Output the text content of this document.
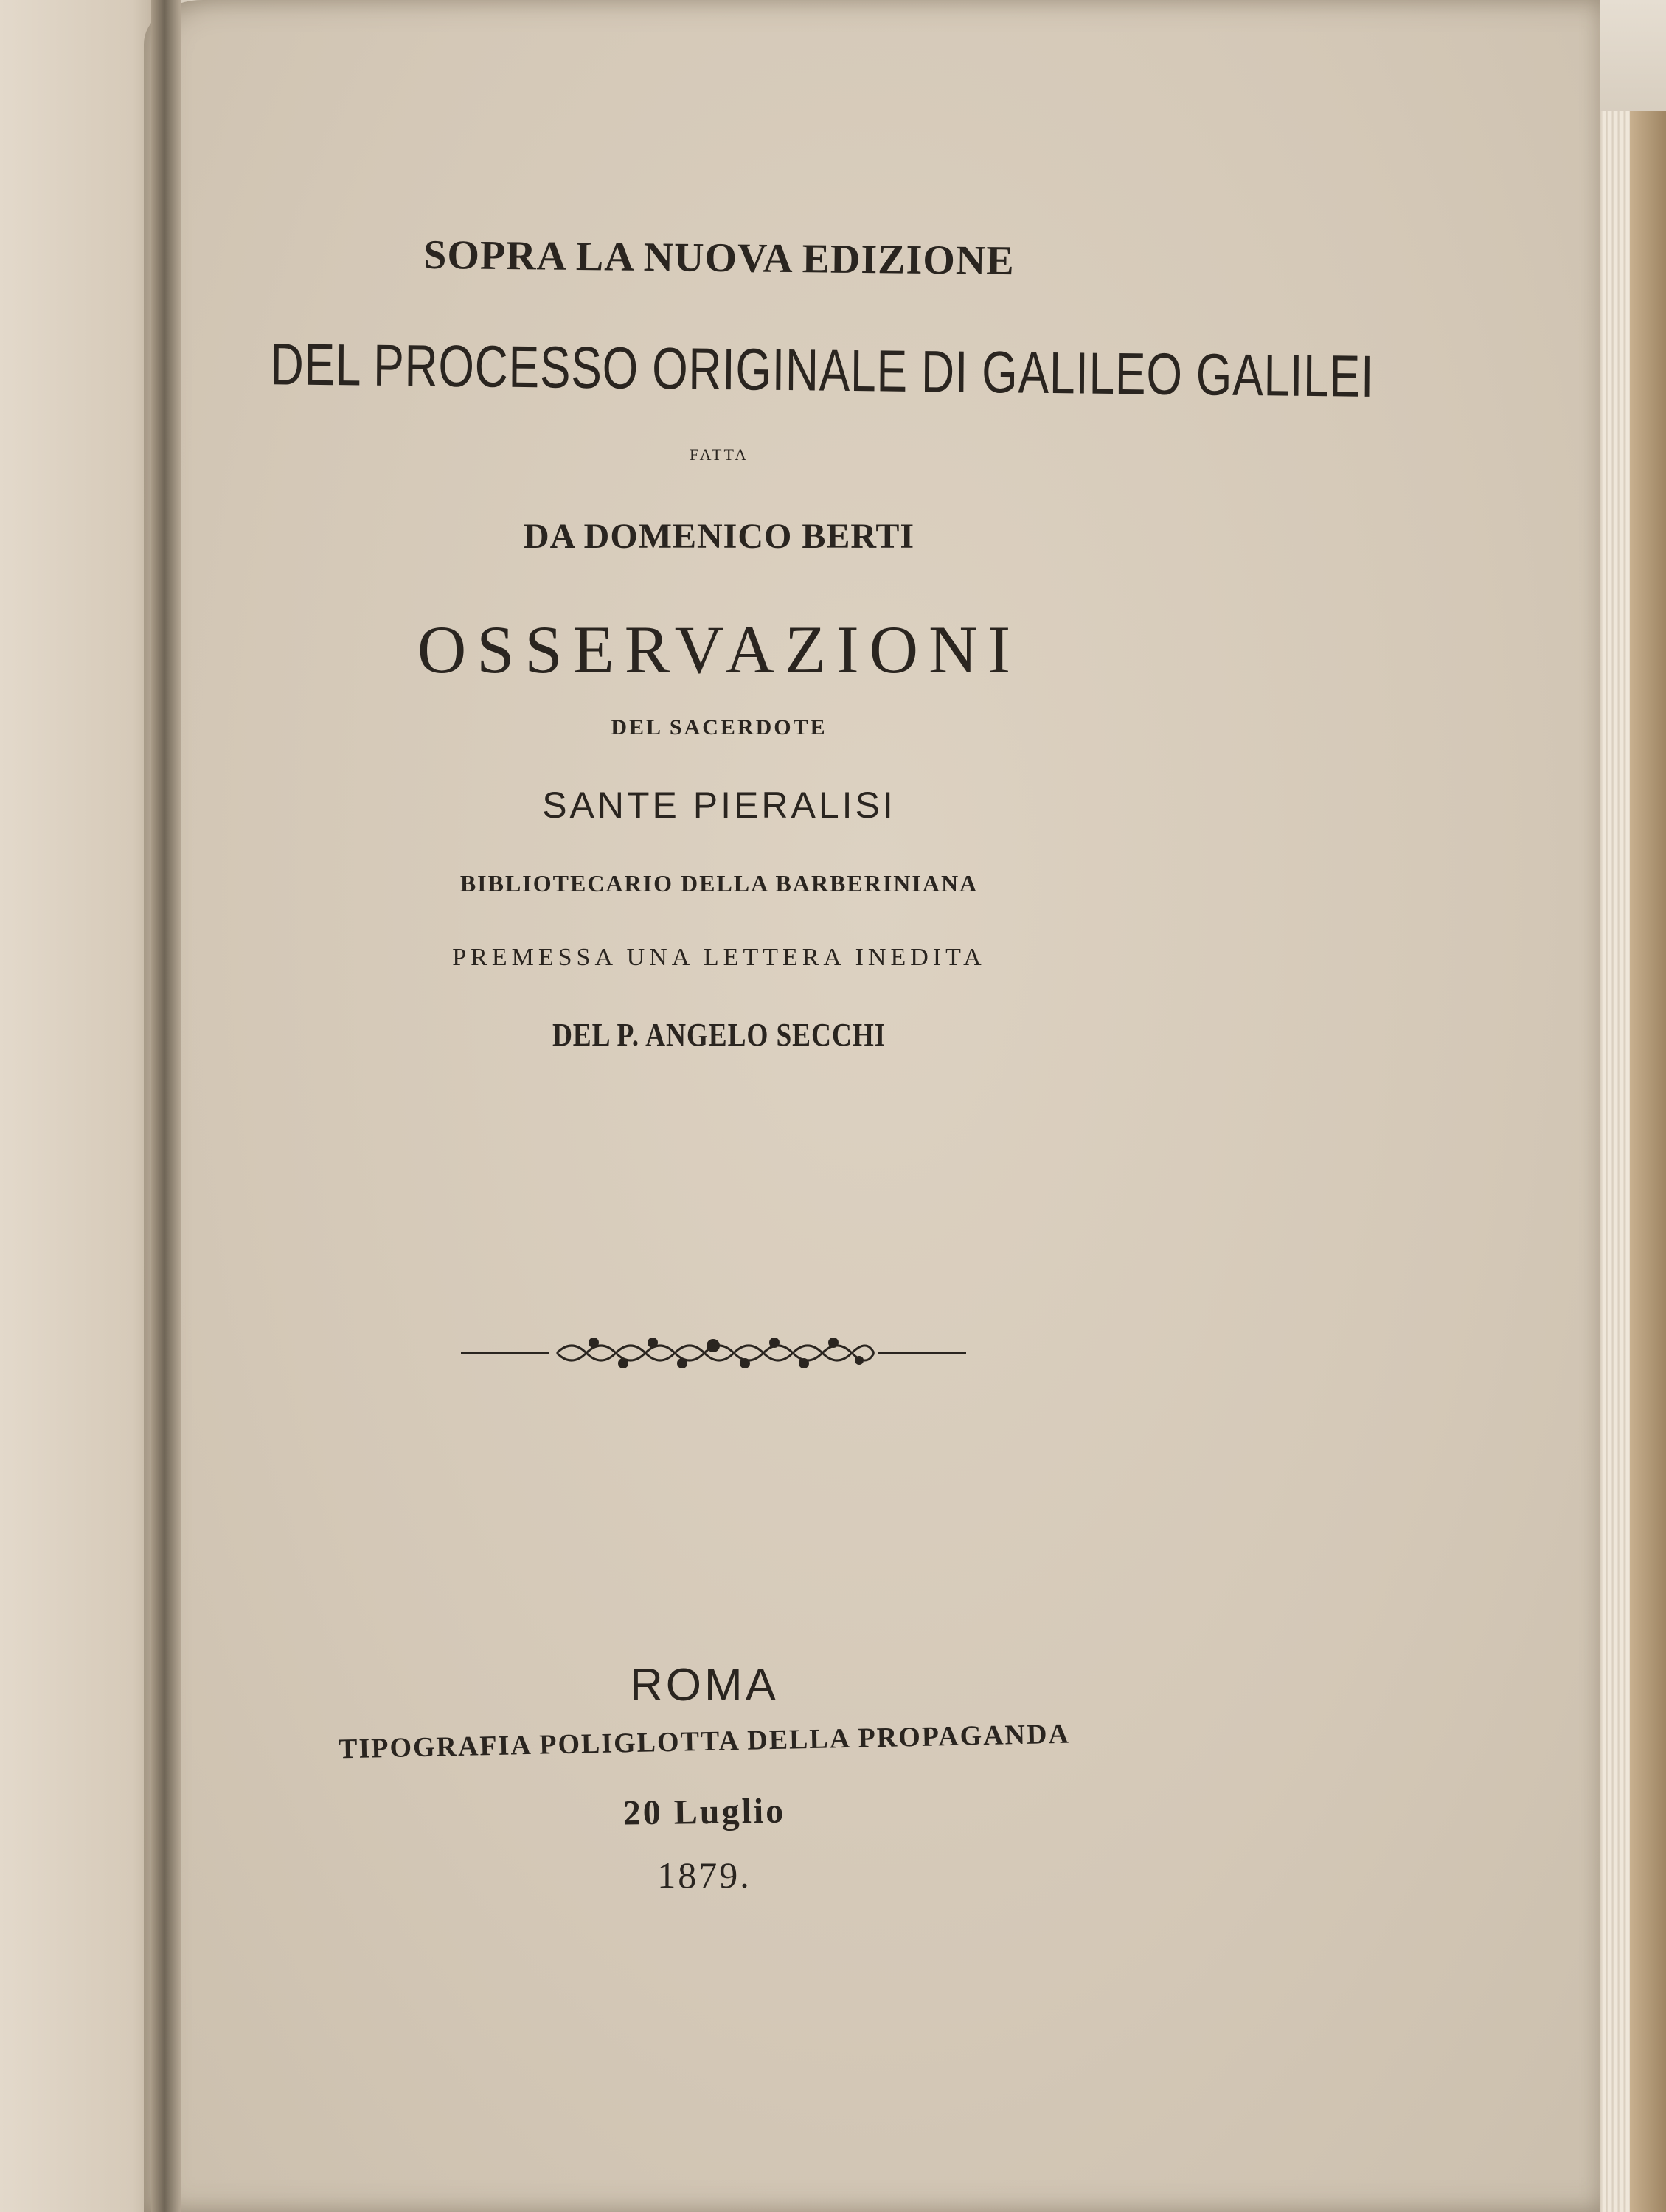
SOPRA LA NUOVA EDIZIONE
DEL PROCESSO ORIGINALE DI GALILEO GALILEI
FATTA
DA DOMENICO BERTI
OSSERVAZIONI
DEL SACERDOTE
SANTE PIERALISI
BIBLIOTECARIO DELLA BARBERINIANA
PREMESSA UNA LETTERA INEDITA
DEL P. ANGELO SECCHI
ROMA
TIPOGRAFIA POLIGLOTTA DELLA PROPAGANDA
20 Luglio
1879.
